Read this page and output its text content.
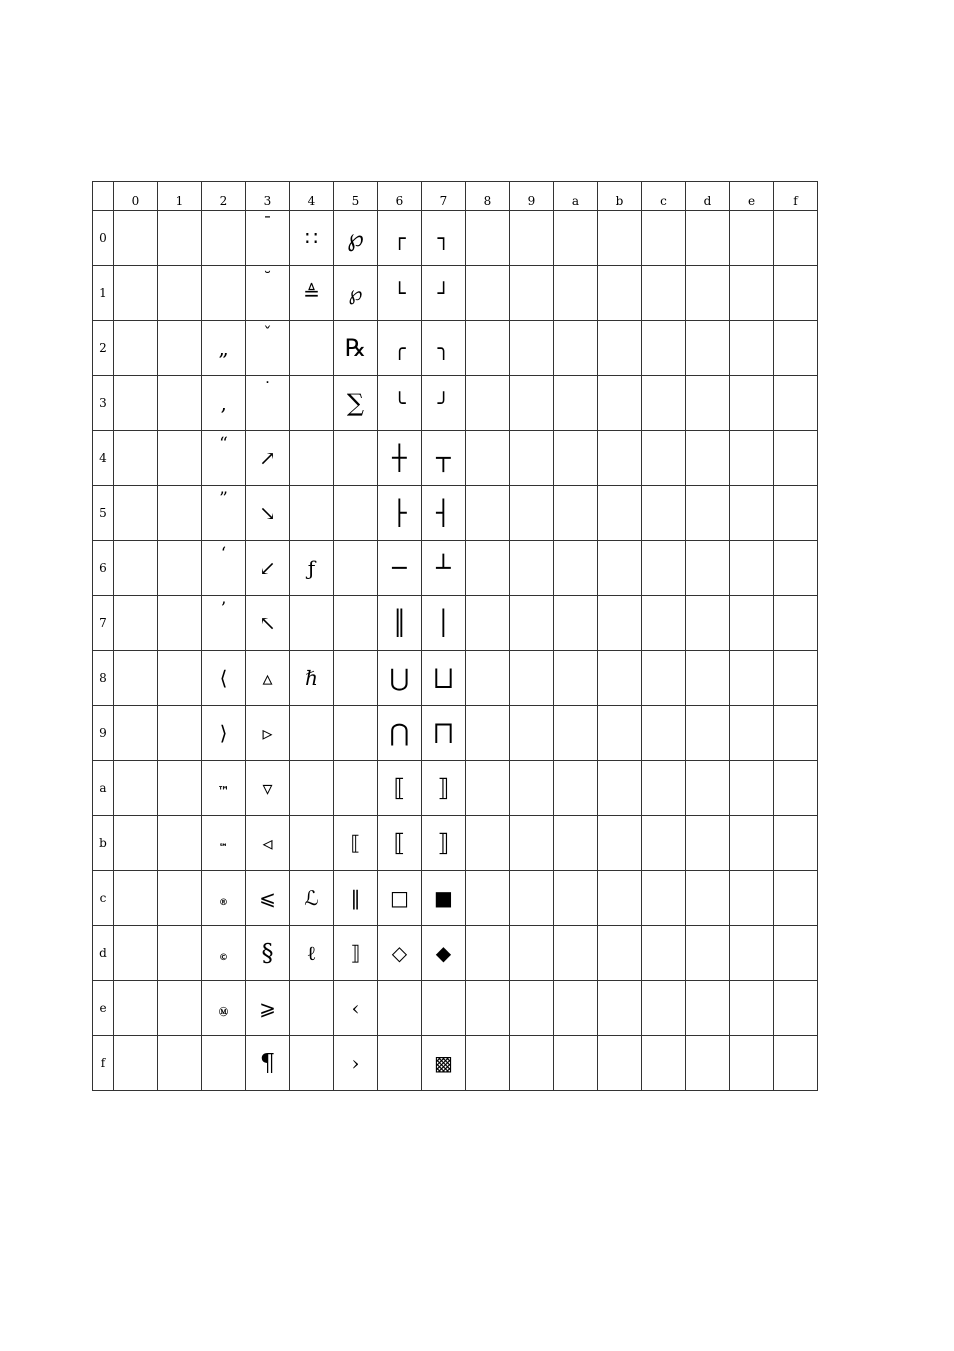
	0	1	2	3	4	5	6	7	8	9	a	b	c	d	e	f
0				¯	∷	℘	┌	┐								
1				˘	≜	℘	└	┘								
2			„	ˇ		℞	╭	╮								
3			‚	˙		∑	╰	╯								
4			“	↗			┼	┬								
5			”	↘			├	┤								
6			‘	↙	ƒ		─	┴								
7			’	↖			║	│								
8			⟨	▵	ℏ		⋃	⨆								
9			⟩	▹			⋂	⨅								
a			™	▿			⟦	⟧								
b			℠	◃		⟦	⟦	⟧								
c			®	⩽	ℒ	‖	□	■								
d			©	§	ℓ	⟧	◇	◆								
e			Ⓜ	⩾		‹										
f				¶		›		▩								
